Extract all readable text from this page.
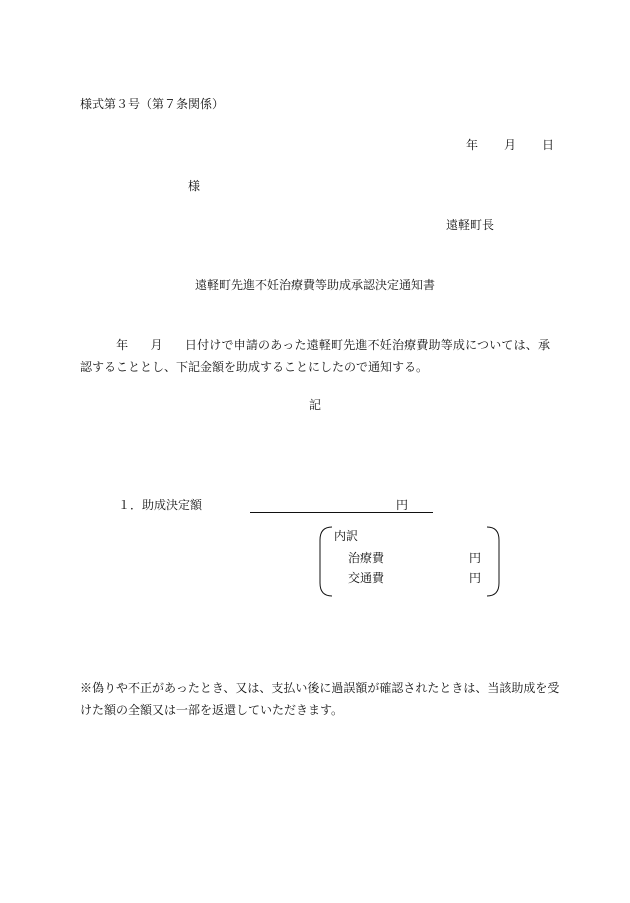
様式第３号（第７条関係）
年 月 日
様
遠軽町長
遠軽町先進不妊治療費等助成承認決定通知書
年 月 日付けで申請のあった遠軽町先進不妊治療費助等成については、承認することとし、下記金額を助成することにしたので通知する。
記
１．助成決定額	円
内訳
治療費	円
交通費	円
※偽りや不正があったとき、又は、支払い後に過誤額が確認されたときは、当該助成を受けた額の全額又は一部を返還していただきます。
